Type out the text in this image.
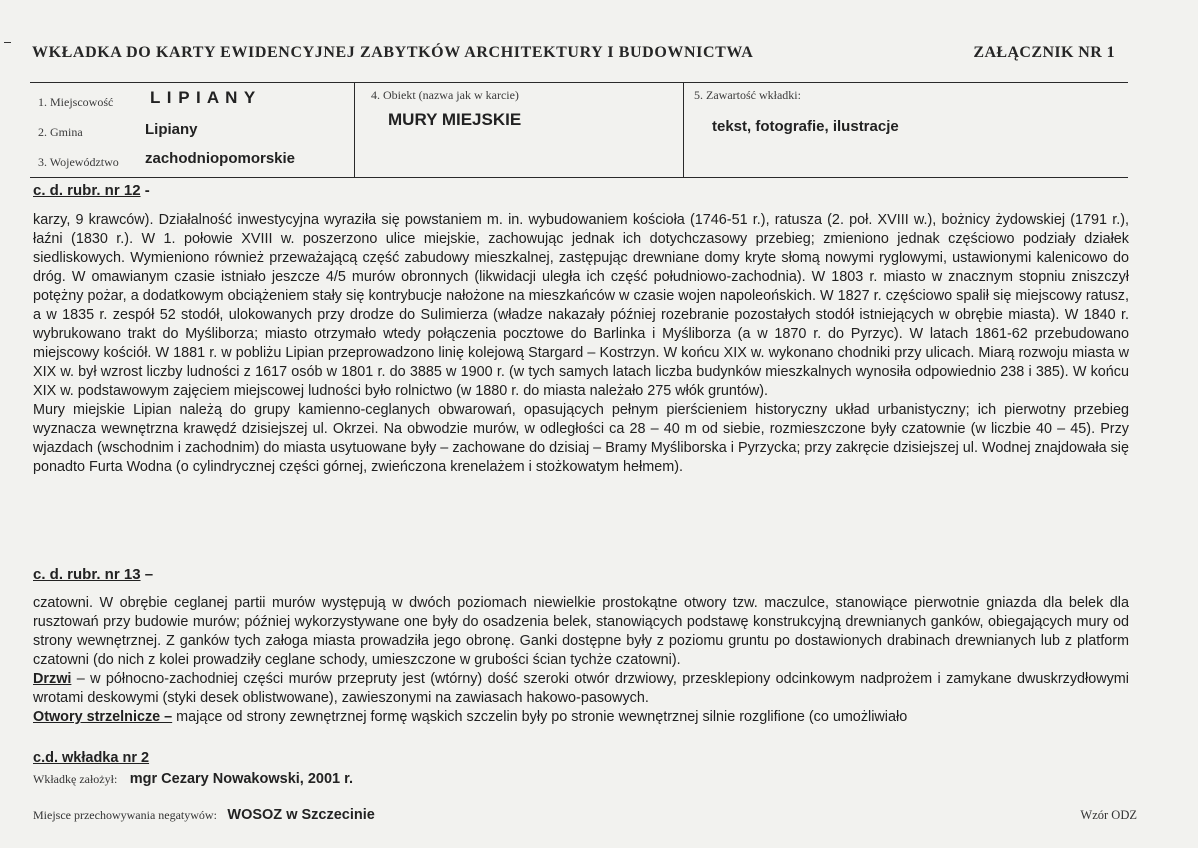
WKŁADKA DO KARTY EWIDENCYJNEJ ZABYTKÓW ARCHITEKTURY I BUDOWNICTWA	ZAŁĄCZNIK NR 1
1. Miejscowość L I P I A N Y
2. Gmina	Lipiany
3. Województwo zachodniopomorskie
4. Obiekt (nazwa jak w karcie)
MURY MIEJSKIE
5. Zawartość wkładki:
tekst, fotografie, ilustracje
c. d. rubr. nr 12 -

karzy, 9 krawców). Działalność inwestycyjna wyraziła się powstaniem m. in. wybudowaniem kościoła (1746-51 r.), ratusza (2. poł. XVIII w.), bożnicy żydowskiej (1791 r.), łaźni (1830 r.). W 1. połowie XVIII w. poszerzono ulice miejskie, zachowując jednak ich dotychczasowy przebieg; zmieniono jednak częściowo podziały działek siedliskowych. Wymieniono również przeważającą część zabudowy mieszkalnej, zastępując drewniane domy kryte słomą nowymi ryglowymi, ustawionymi kalenicowo do dróg. W omawianym czasie istniało jeszcze 4/5 murów obronnych (likwidacji uległa ich część południowo-zachodnia). W 1803 r. miasto w znacznym stopniu zniszczył potężny pożar, a dodatkowym obciążeniem stały się kontrybucje nałożone na mieszkańców w czasie wojen napoleońskich. W 1827 r. częściowo spalił się miejscowy ratusz, a w 1835 r. zespół 52 stodół, ulokowanych przy drodze do Sulimierza (władze nakazały później rozebranie pozostałych stodół istniejących w obrębie miasta). W 1840 r. wybrukowano trakt do Myśliborza; miasto otrzymało wtedy połączenia pocztowe do Barlinka i Myśliborza (a w 1870 r. do Pyrzyc). W latach 1861-62 przebudowano miejscowy kościół. W 1881 r. w pobliżu Lipian przeprowadzono linię kolejową Stargard – Kostrzyn. W końcu XIX w. wykonano chodniki przy ulicach. Miarą rozwoju miasta w XIX w. był wzrost liczby ludności z 1617 osób w 1801 r. do 3885 w 1900 r. (w tych samych latach liczba budynków mieszkalnych wynosiła odpowiednio 238 i 385). W końcu XIX w. podstawowym zajęciem miejscowej ludności było rolnictwo (w 1880 r. do miasta należało 275 włók gruntów).

Mury miejskie Lipian należą do grupy kamienno-ceglanych obwarowań, opasujących pełnym pierścieniem historyczny układ urbanistyczny; ich pierwotny przebieg wyznacza wewnętrzna krawędź dzisiejszej ul. Okrzei. Na obwodzie murów, w odległości ca 28 – 40 m od siebie, rozmieszczone były czatownie (w liczbie 40 – 45). Przy wjazdach (wschodnim i zachodnim) do miasta usytuowane były – zachowane do dzisiaj – Bramy Myśliborska i Pyrzycka; przy zakręcie dzisiejszej ul. Wodnej znajdowała się ponadto Furta Wodna (o cylindrycznej części górnej, zwieńczona krenelażem i stożkowatym hełmem).

c. d. rubr. nr 13 –

czatowni. W obrębie ceglanej partii murów występują w dwóch poziomach niewielkie prostokątne otwory tzw. maczulce, stanowiące pierwotnie gniazda dla belek dla rusztowań przy budowie murów; później wykorzystywane one były do osadzenia belek, stanowiących podstawę konstrukcyjną drewnianych ganków, obiegających mury od strony wewnętrznej. Z ganków tych załoga miasta prowadziła jego obronę. Ganki dostępne były z poziomu gruntu po dostawionych drabinach drewnianych lub z platform czatowni (do nich z kolei prowadziły ceglane schody, umieszczone w grubości ścian tychże czatowni).

Drzwi – w północno-zachodniej części murów przepruty jest (wtórny) dość szeroki otwór drzwiowy, przesklepiony odcinkowym nadprożem i zamykane dwuskrzydłowymi wrotami deskowymi (styki desek oblistwowane), zawieszonymi na zawiasach hakowo-pasowych.

Otwory strzelnicze – mające od strony zewnętrznej formę wąskich szczelin były po stronie wewnętrznej silnie rozglifione (co umożliwiało

c.d. wkładka nr 2
Wkładkę założył: mgr Cezary Nowakowski, 2001 r.
Miejsce przechowywania negatywów: WOSOZ w Szczecinie	Wzór ODZ
